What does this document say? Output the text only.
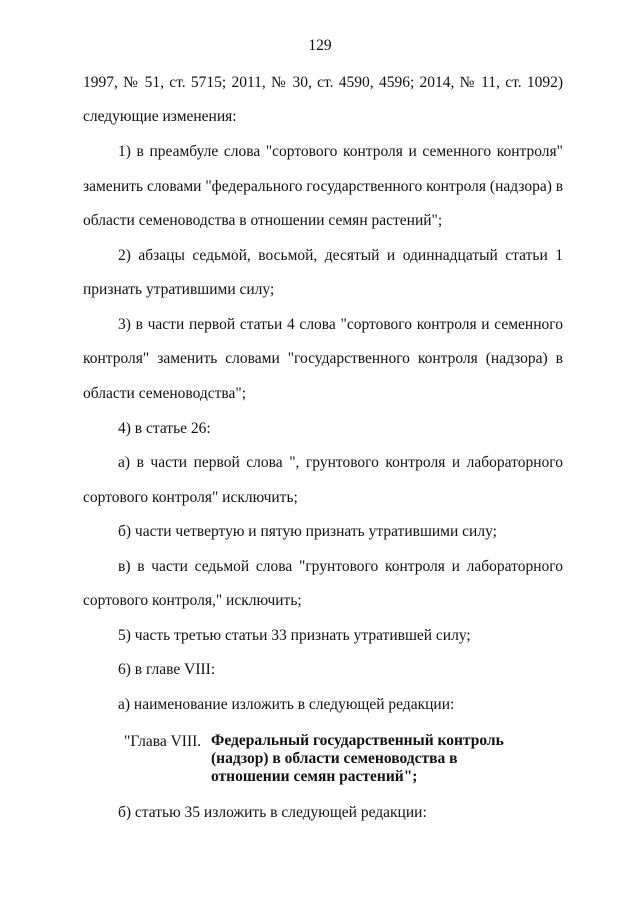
129
1997, № 51, ст. 5715; 2011, № 30, ст. 4590, 4596; 2014, № 11, ст. 1092)
следующие изменения:
1) в преамбуле слова "сортового контроля и семенного контроля"
заменить словами "федерального государственного контроля (надзора) в
области семеноводства в отношении семян растений";
2) абзацы седьмой, восьмой, десятый и одиннадцатый статьи 1
признать утратившими силу;
3) в части первой статьи 4 слова "сортового контроля и семенного
контроля" заменить словами "государственного контроля (надзора) в
области семеноводства";
4) в статье 26:
а) в части первой слова ", грунтового контроля и лабораторного
сортового контроля" исключить;
б) части четвертую и пятую признать утратившими силу;
в) в части седьмой слова "грунтового контроля и лабораторного
сортового контроля," исключить;
5) часть третью статьи 33 признать утратившей силу;
6) в главе VIII:
а) наименование изложить в следующей редакции:
"Глава VIII. Федеральный государственный контроль
(надзор) в области семеноводства в
отношении семян растений";
б) статью 35 изложить в следующей редакции:
